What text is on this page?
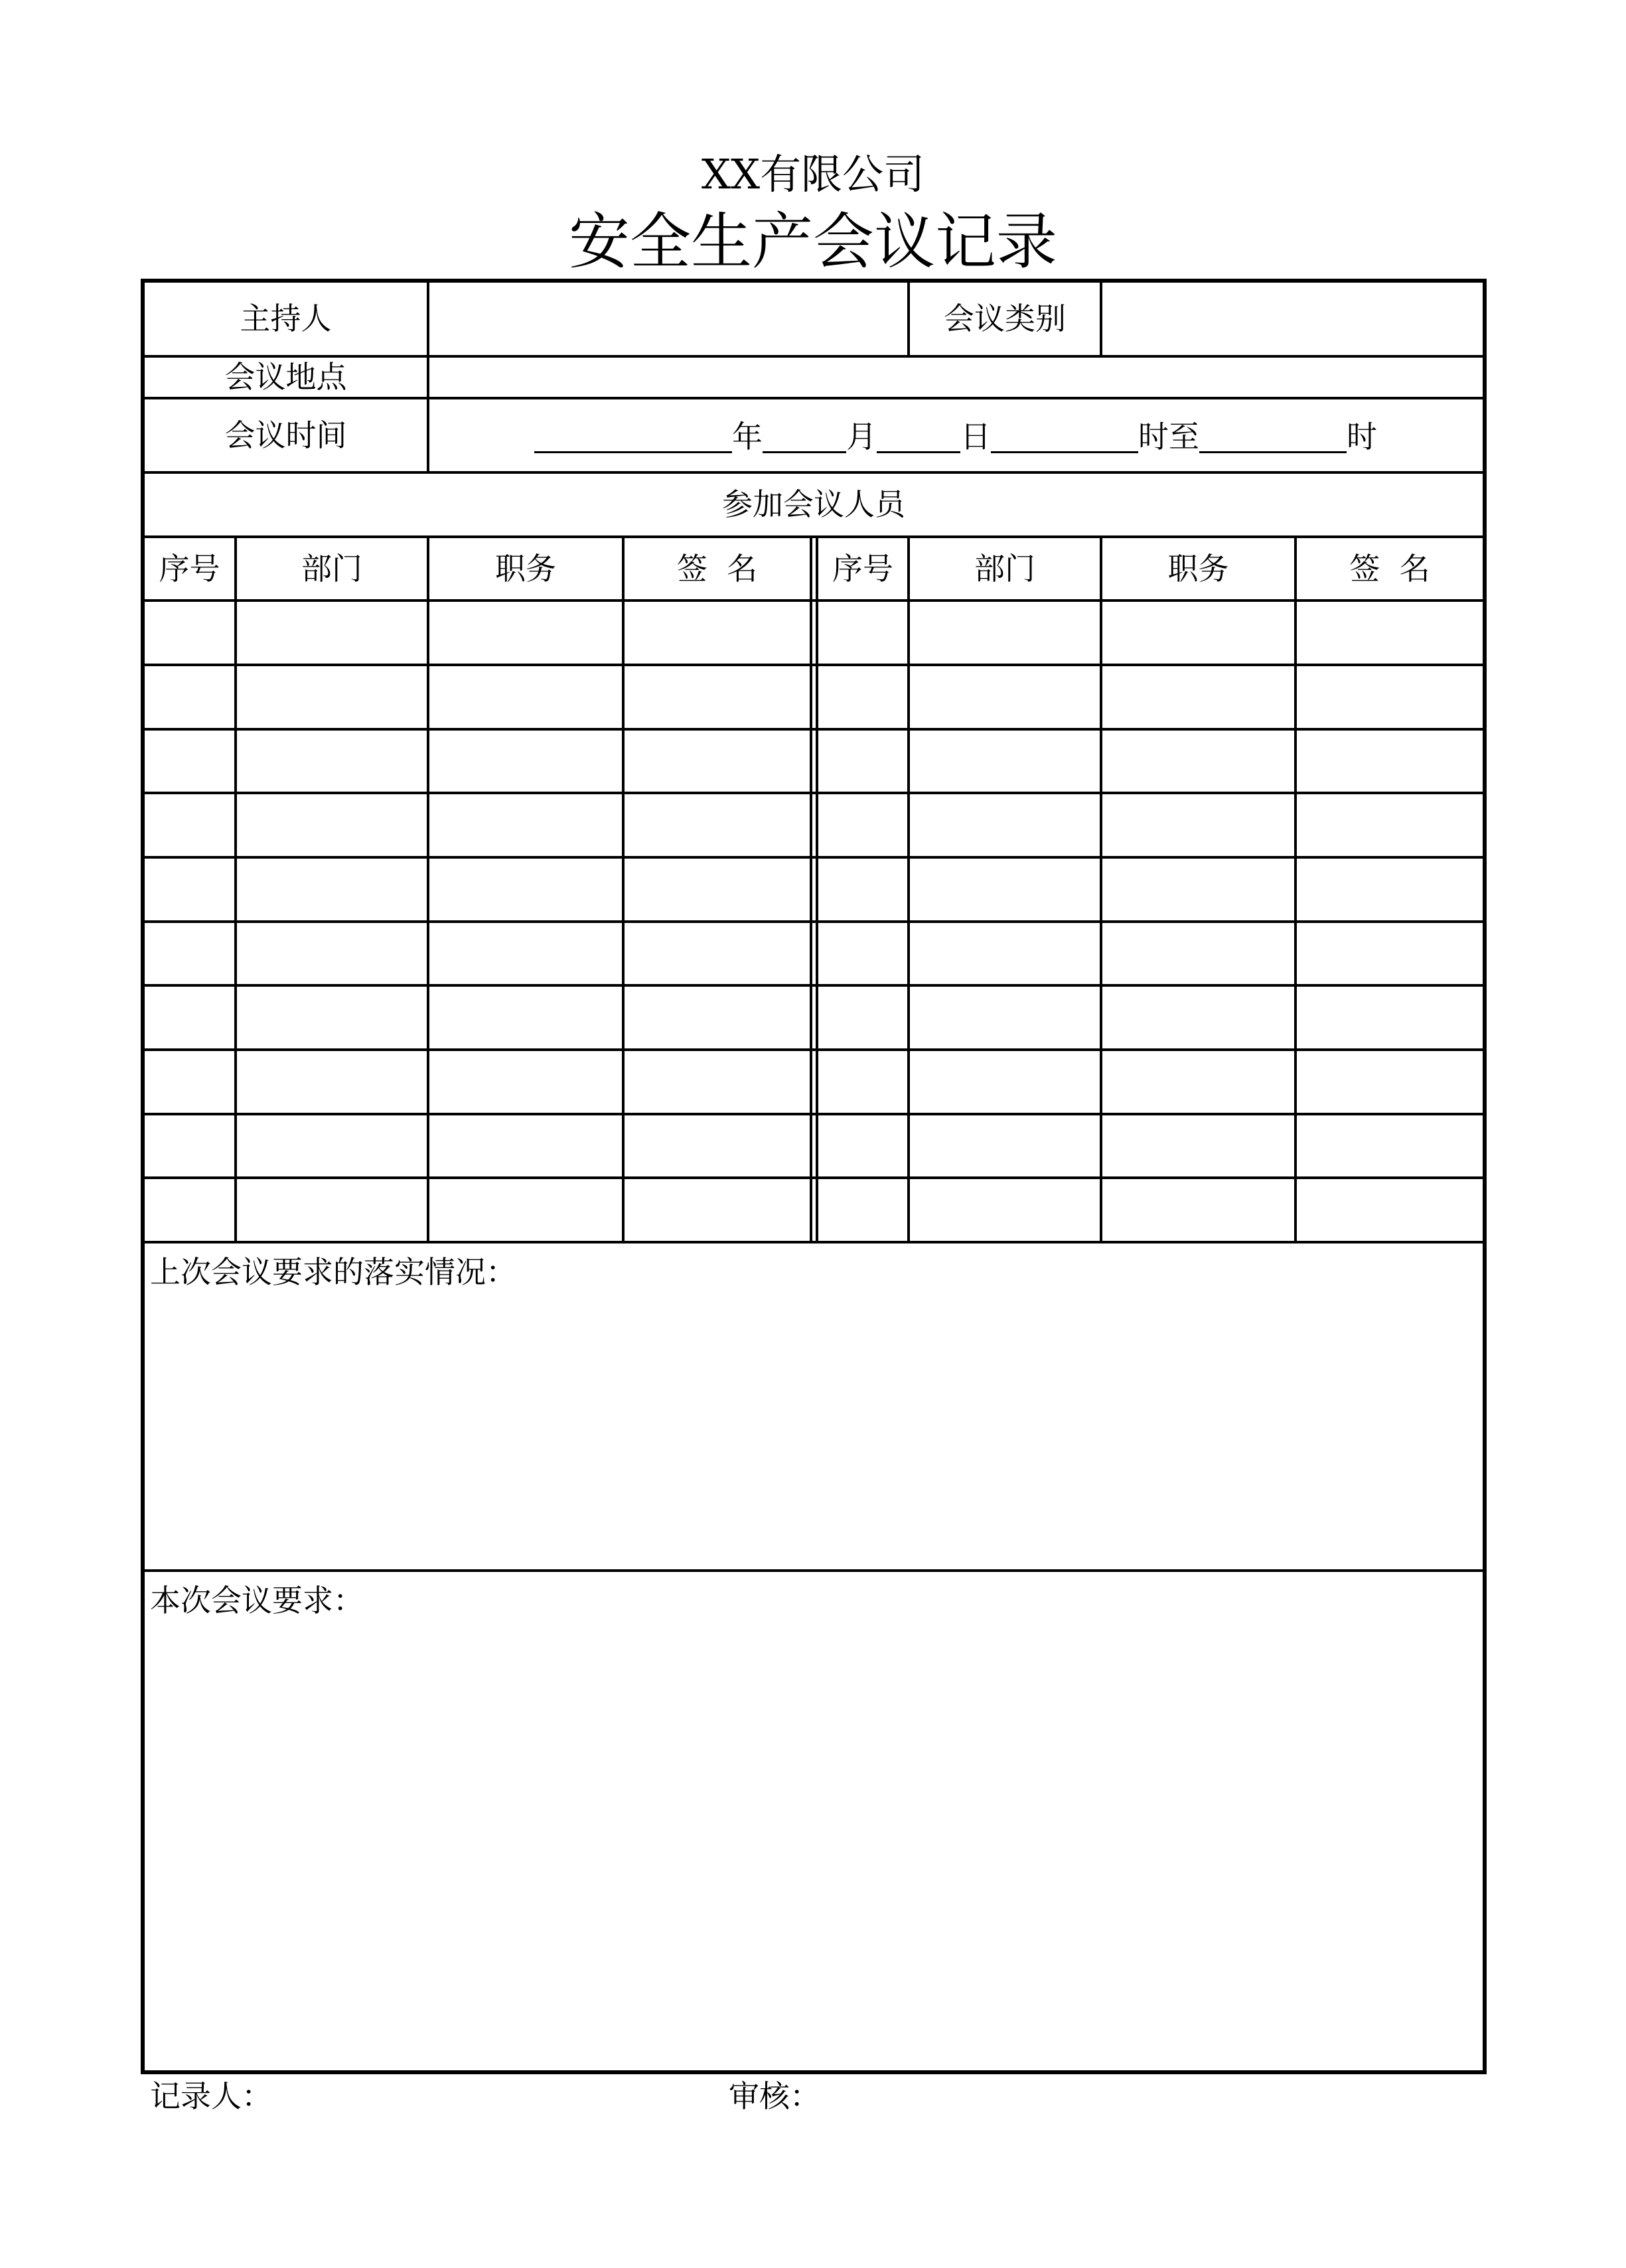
XX有限公司
安全生产会议记录
主持人	会议类别
会议地点
会议时间	年	月	日	时至	时
参加会议人员
序号	部门	职务	签  名	序号	部门	职务	签  名
上次会议要求的落实情况：
本次会议要求：
记录人：	审核：
